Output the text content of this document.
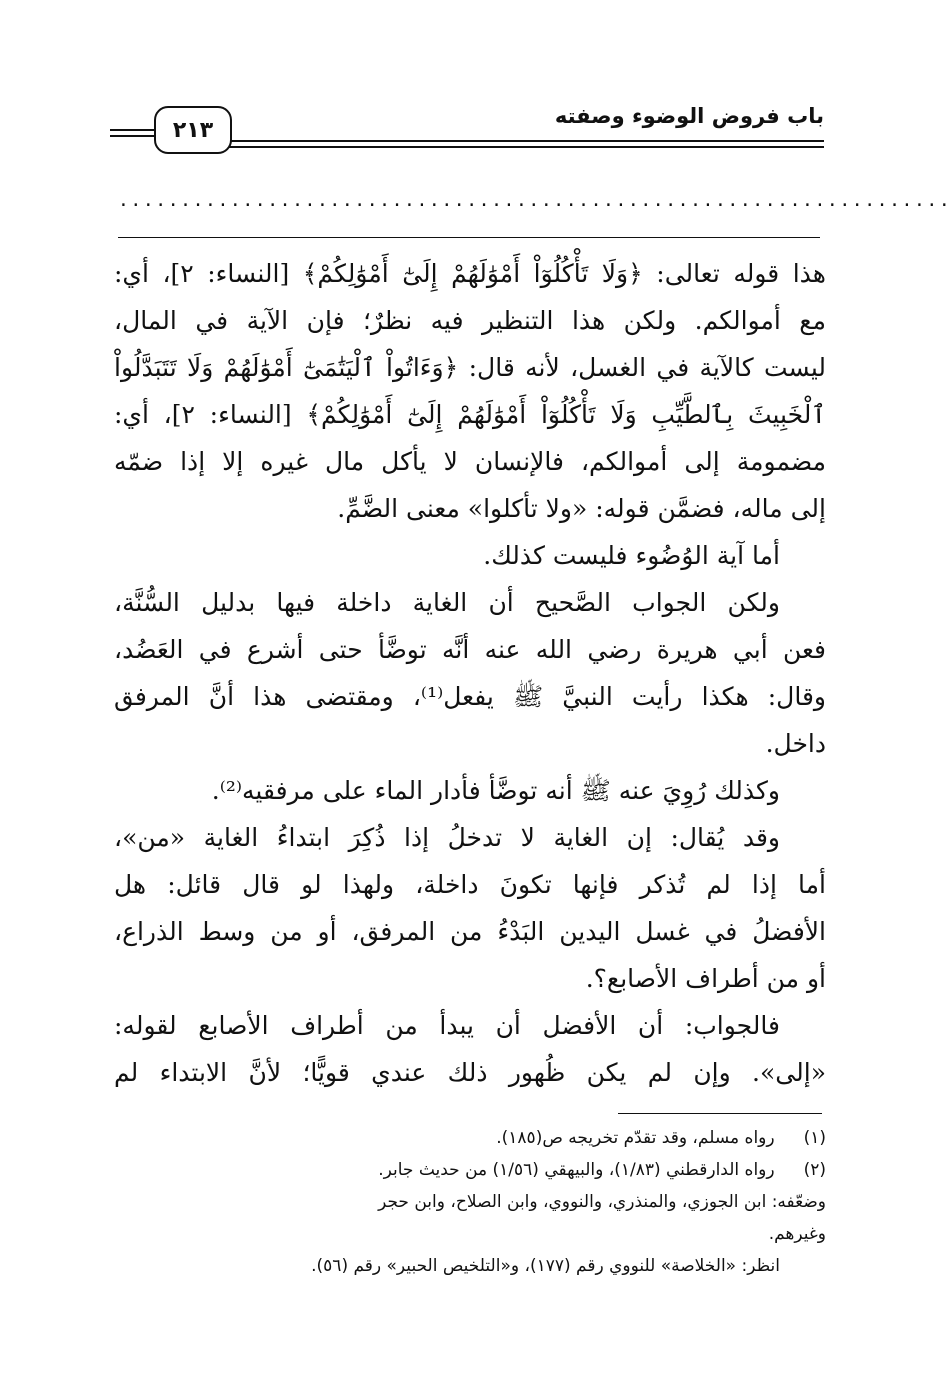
باب فروض الوضوء وصفته
٢١٣
...................................................................
هذا قوله تعالى: ﴿وَلَا تَأْكُلُوٓاْ أَمْوَٰلَهُمْ إِلَىٰٓ أَمْوَٰلِكُمْ﴾ [النساء: ٢]، أي:
مع أموالكم. ولكن هذا التنظير فيه نظرٌ؛ فإن الآية في المال،
ليست كالآية في الغسل، لأنه قال: ﴿وَءَاتُواْ ٱلْيَتَٰمَىٰٓ أَمْوَٰلَهُمْ وَلَا تَتَبَدَّلُواْ
ٱلْخَبِيثَ بِٱلطَّيِّبِ وَلَا تَأْكُلُوٓاْ أَمْوَٰلَهُمْ إِلَىٰٓ أَمْوَٰلِكُمْ﴾ [النساء: ٢]، أي:
مضمومة إلى أموالكم، فالإنسان لا يأكل مال غيره إلا إذا ضمّه
إلى ماله، فضمَّن قوله: «ولا تأكلوا» معنى الضَّمِّ.
أما آية الوُضُوء فليست كذلك.
ولكن الجواب الصَّحيح أن الغاية داخلة فيها بدليل السُّنَّة،
فعن أبي هريرة رضي الله عنه أنَّه توضَّأ حتى أشرع في العَضُد،
وقال: هكذا رأيت النبيَّ ﷺ يفعل⁽¹⁾، ومقتضى هذا أنَّ المرفق
داخل.
وكذلك رُوِيَ عنه ﷺ أنه توضَّأ فأدار الماء على مرفقيه⁽²⁾.
وقد يُقال: إن الغاية لا تدخلُ إذا ذُكِرَ ابتداءُ الغاية «من»،
أما إذا لم تُذكر فإنها تكونَ داخلة، ولهذا لو قال قائل: هل
الأفضلُ في غسل اليدين البَدْءُ من المرفق، أو من وسط الذراع،
أو من أطراف الأصابع؟.
فالجواب: أن الأفضل أن يبدأ من أطراف الأصابع لقوله:
«إلى». وإن لم يكن ظُهور ذلك عندي قويًّا؛ لأنَّ الابتداء لم
(١) رواه مسلم، وقد تقدّم تخريجه ص(١٨٥).
(٢) رواه الدارقطني (١/٨٣)، والبيهقي (١/٥٦) من حديث جابر.
وضعّفه: ابن الجوزي، والمنذري، والنووي، وابن الصلاح، وابن حجر
وغيرهم.
انظر: «الخلاصة» للنووي رقم (١٧٧)، و«التلخيص الحبير» رقم (٥٦).
